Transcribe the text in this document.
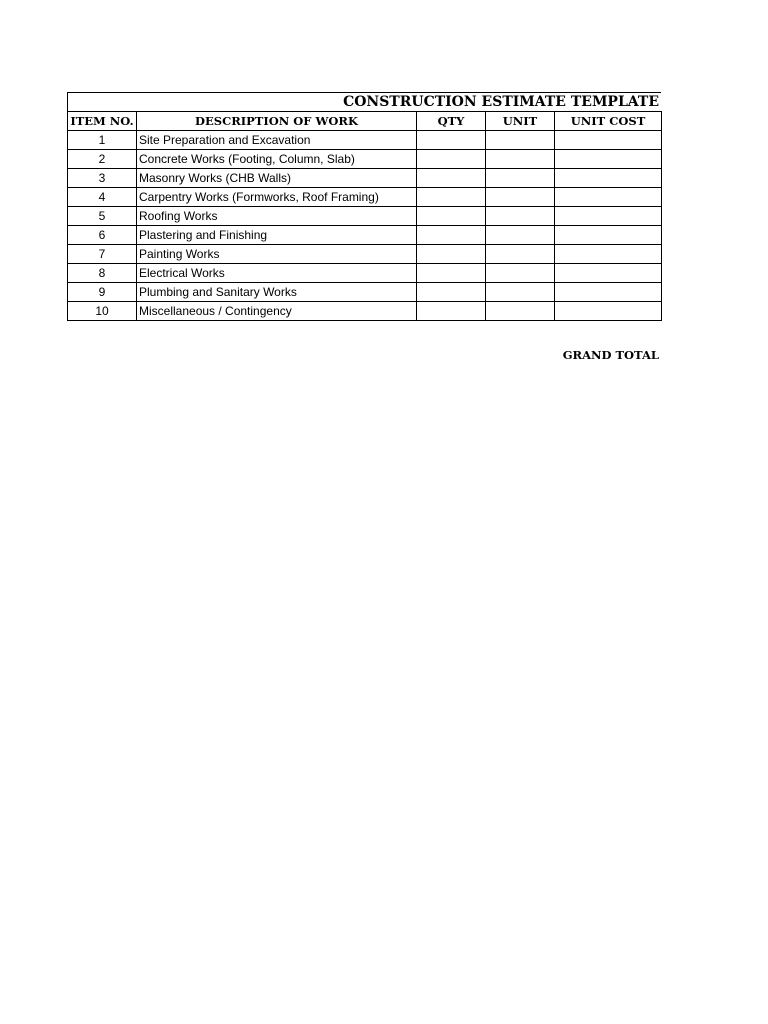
CONSTRUCTION ESTIMATE TEMPLATE
ITEM NO.	DESCRIPTION OF WORK	QTY	UNIT	UNIT COST
1	Site Preparation and Excavation			
2	Concrete Works (Footing, Column, Slab)			
3	Masonry Works (CHB Walls)			
4	Carpentry Works (Formworks, Roof Framing)			
5	Roofing Works			
6	Plastering and Finishing			
7	Painting Works			
8	Electrical Works			
9	Plumbing and Sanitary Works			
10	Miscellaneous / Contingency			
GRAND TOTAL
